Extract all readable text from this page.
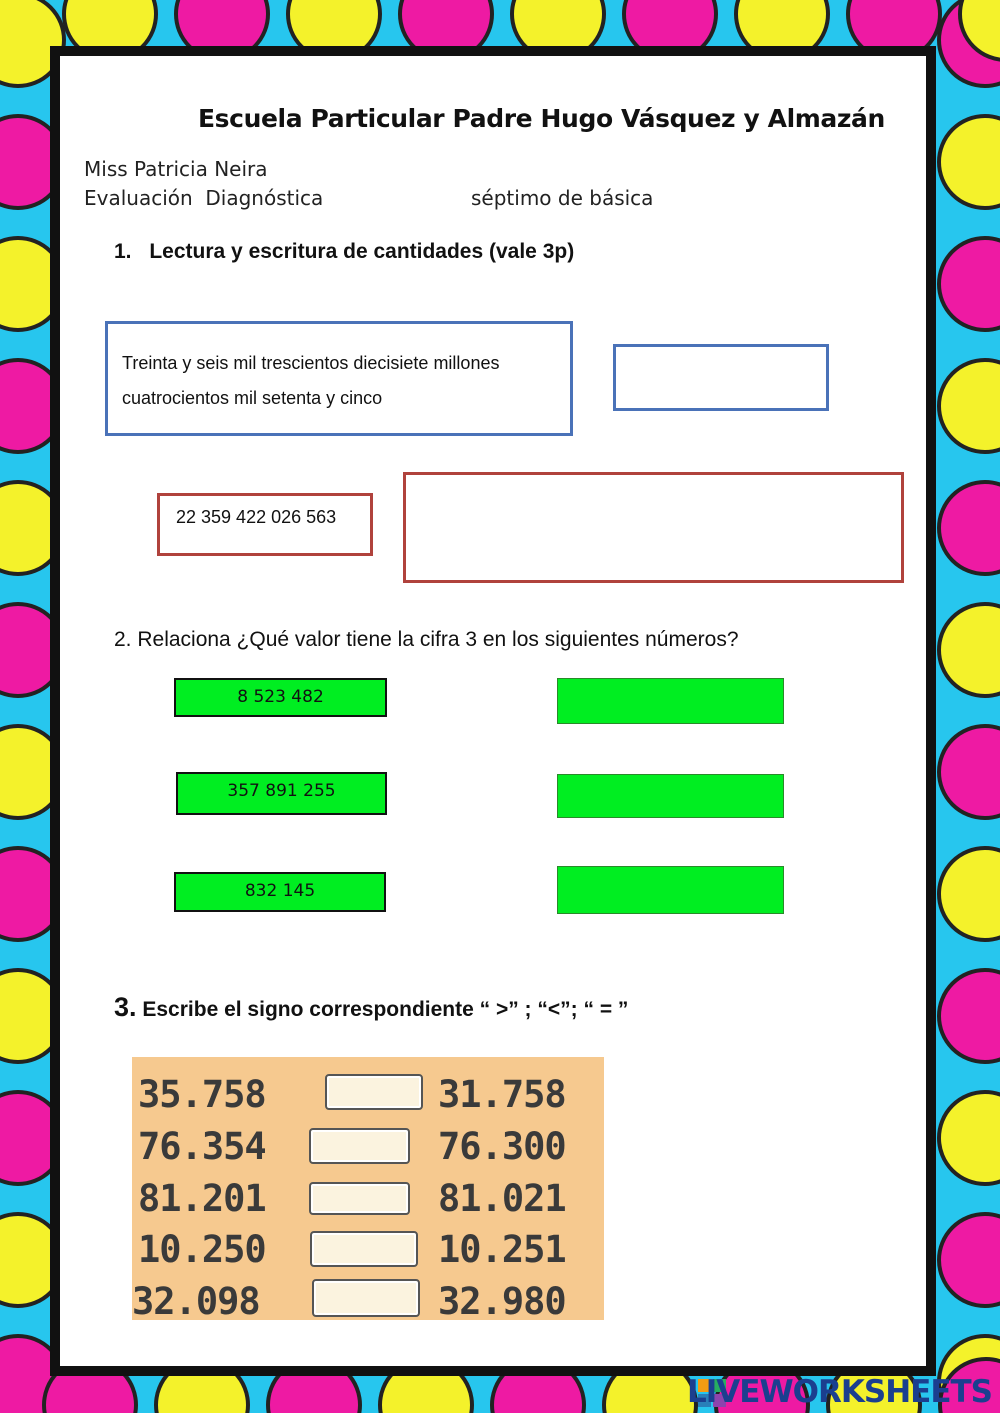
Escuela Particular Padre Hugo Vásquez y Almazán
Miss Patricia Neira
Evaluación  Diagnóstica	séptimo de básica
1. Lectura y escritura de cantidades (vale 3p)
Treinta y seis mil trescientos diecisiete millones
cuatrocientos mil setenta y cinco
22 359 422 026 563
2. Relaciona ¿Qué valor tiene la cifra 3 en los siguientes números?
8 523 482
357 891 255
832 145
3. Escribe el signo correspondiente “ >” ; “<”; “ = ”
35.758	31.758
76.354	76.300
81.201	81.021
10.250	10.251
32.098	32.980
LIVEWORKSHEETS
